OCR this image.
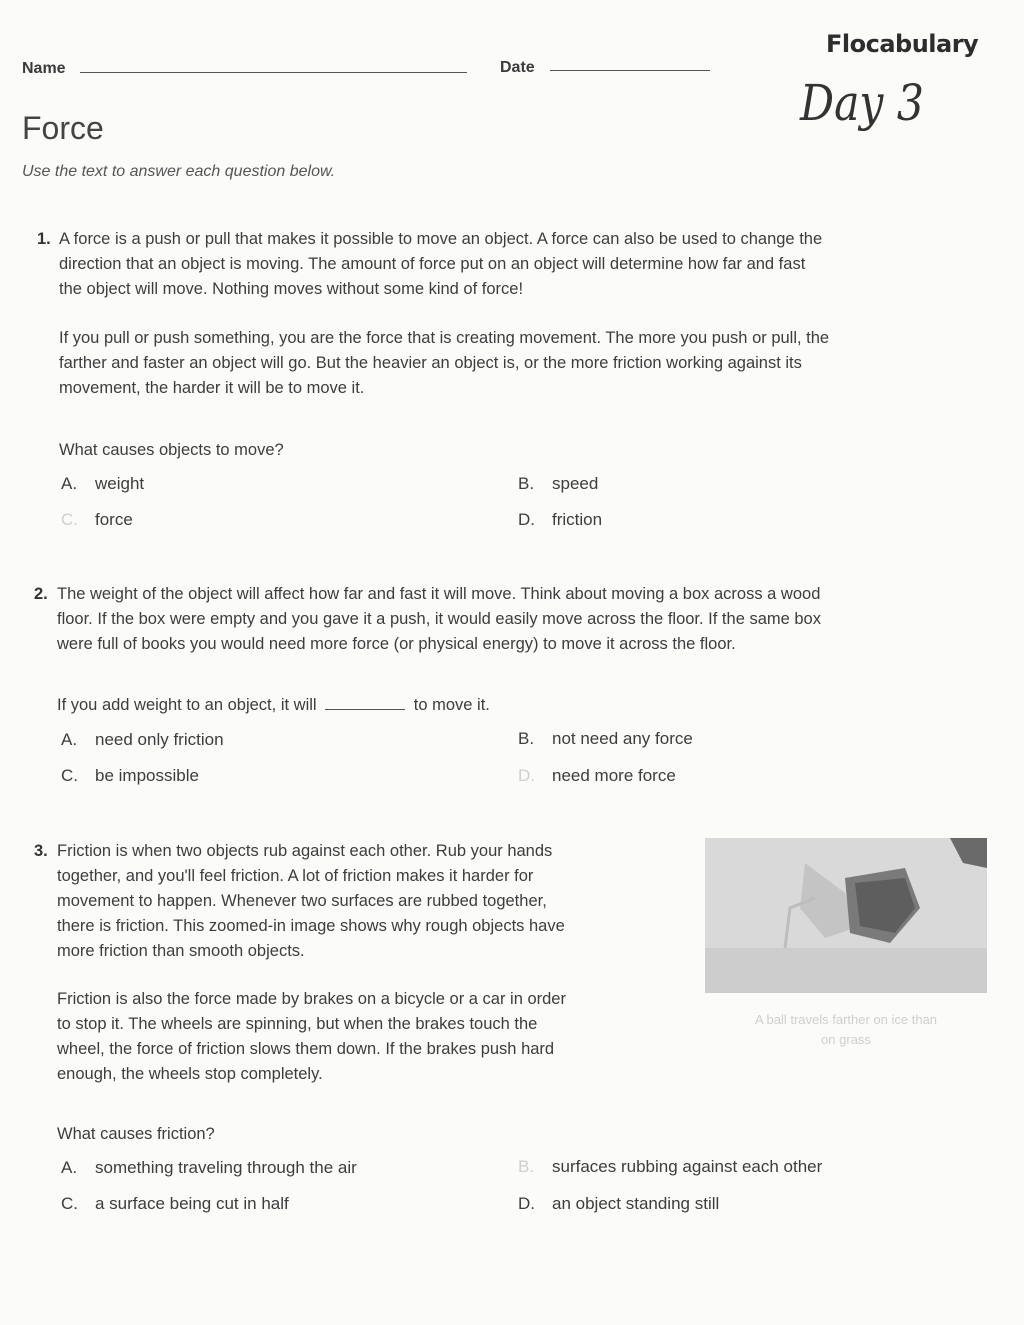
Name	Date
Flocabulary
Day 3
Force
Use the text to answer each question below.
1. A force is a push or pull that makes it possible to move an object. A force can also be used to change the
direction that an object is moving. The amount of force put on an object will determine how far and fast
the object will move. Nothing moves without some kind of force!
If you pull or push something, you are the force that is creating movement. The more you push or pull, the
farther and faster an object will go. But the heavier an object is, or the more friction working against its
movement, the harder it will be to move it.
What causes objects to move?
A. weight	B. speed
C. force	D. friction
2. The weight of the object will affect how far and fast it will move. Think about moving a box across a wood
floor. If the box were empty and you gave it a push, it would easily move across the floor. If the same box
were full of books you would need more force (or physical energy) to move it across the floor.
If you add weight to an object, it will	to move it.
A. need only friction	B. not need any force
C. be impossible	D. need more force
3. Friction is when two objects rub against each other. Rub your hands
together, and you'll feel friction. A lot of friction makes it harder for
movement to happen. Whenever two surfaces are rubbed together,
there is friction. This zoomed-in image shows why rough objects have
more friction than smooth objects.
Friction is also the force made by brakes on a bicycle or a car in order
to stop it. The wheels are spinning, but when the brakes touch the
wheel, the force of friction slows them down. If the brakes push hard
enough, the wheels stop completely.
A ball travels farther on ice than
on grass
What causes friction?
A. something traveling through the air	B. surfaces rubbing against each other
C. a surface being cut in half	D. an object standing still
